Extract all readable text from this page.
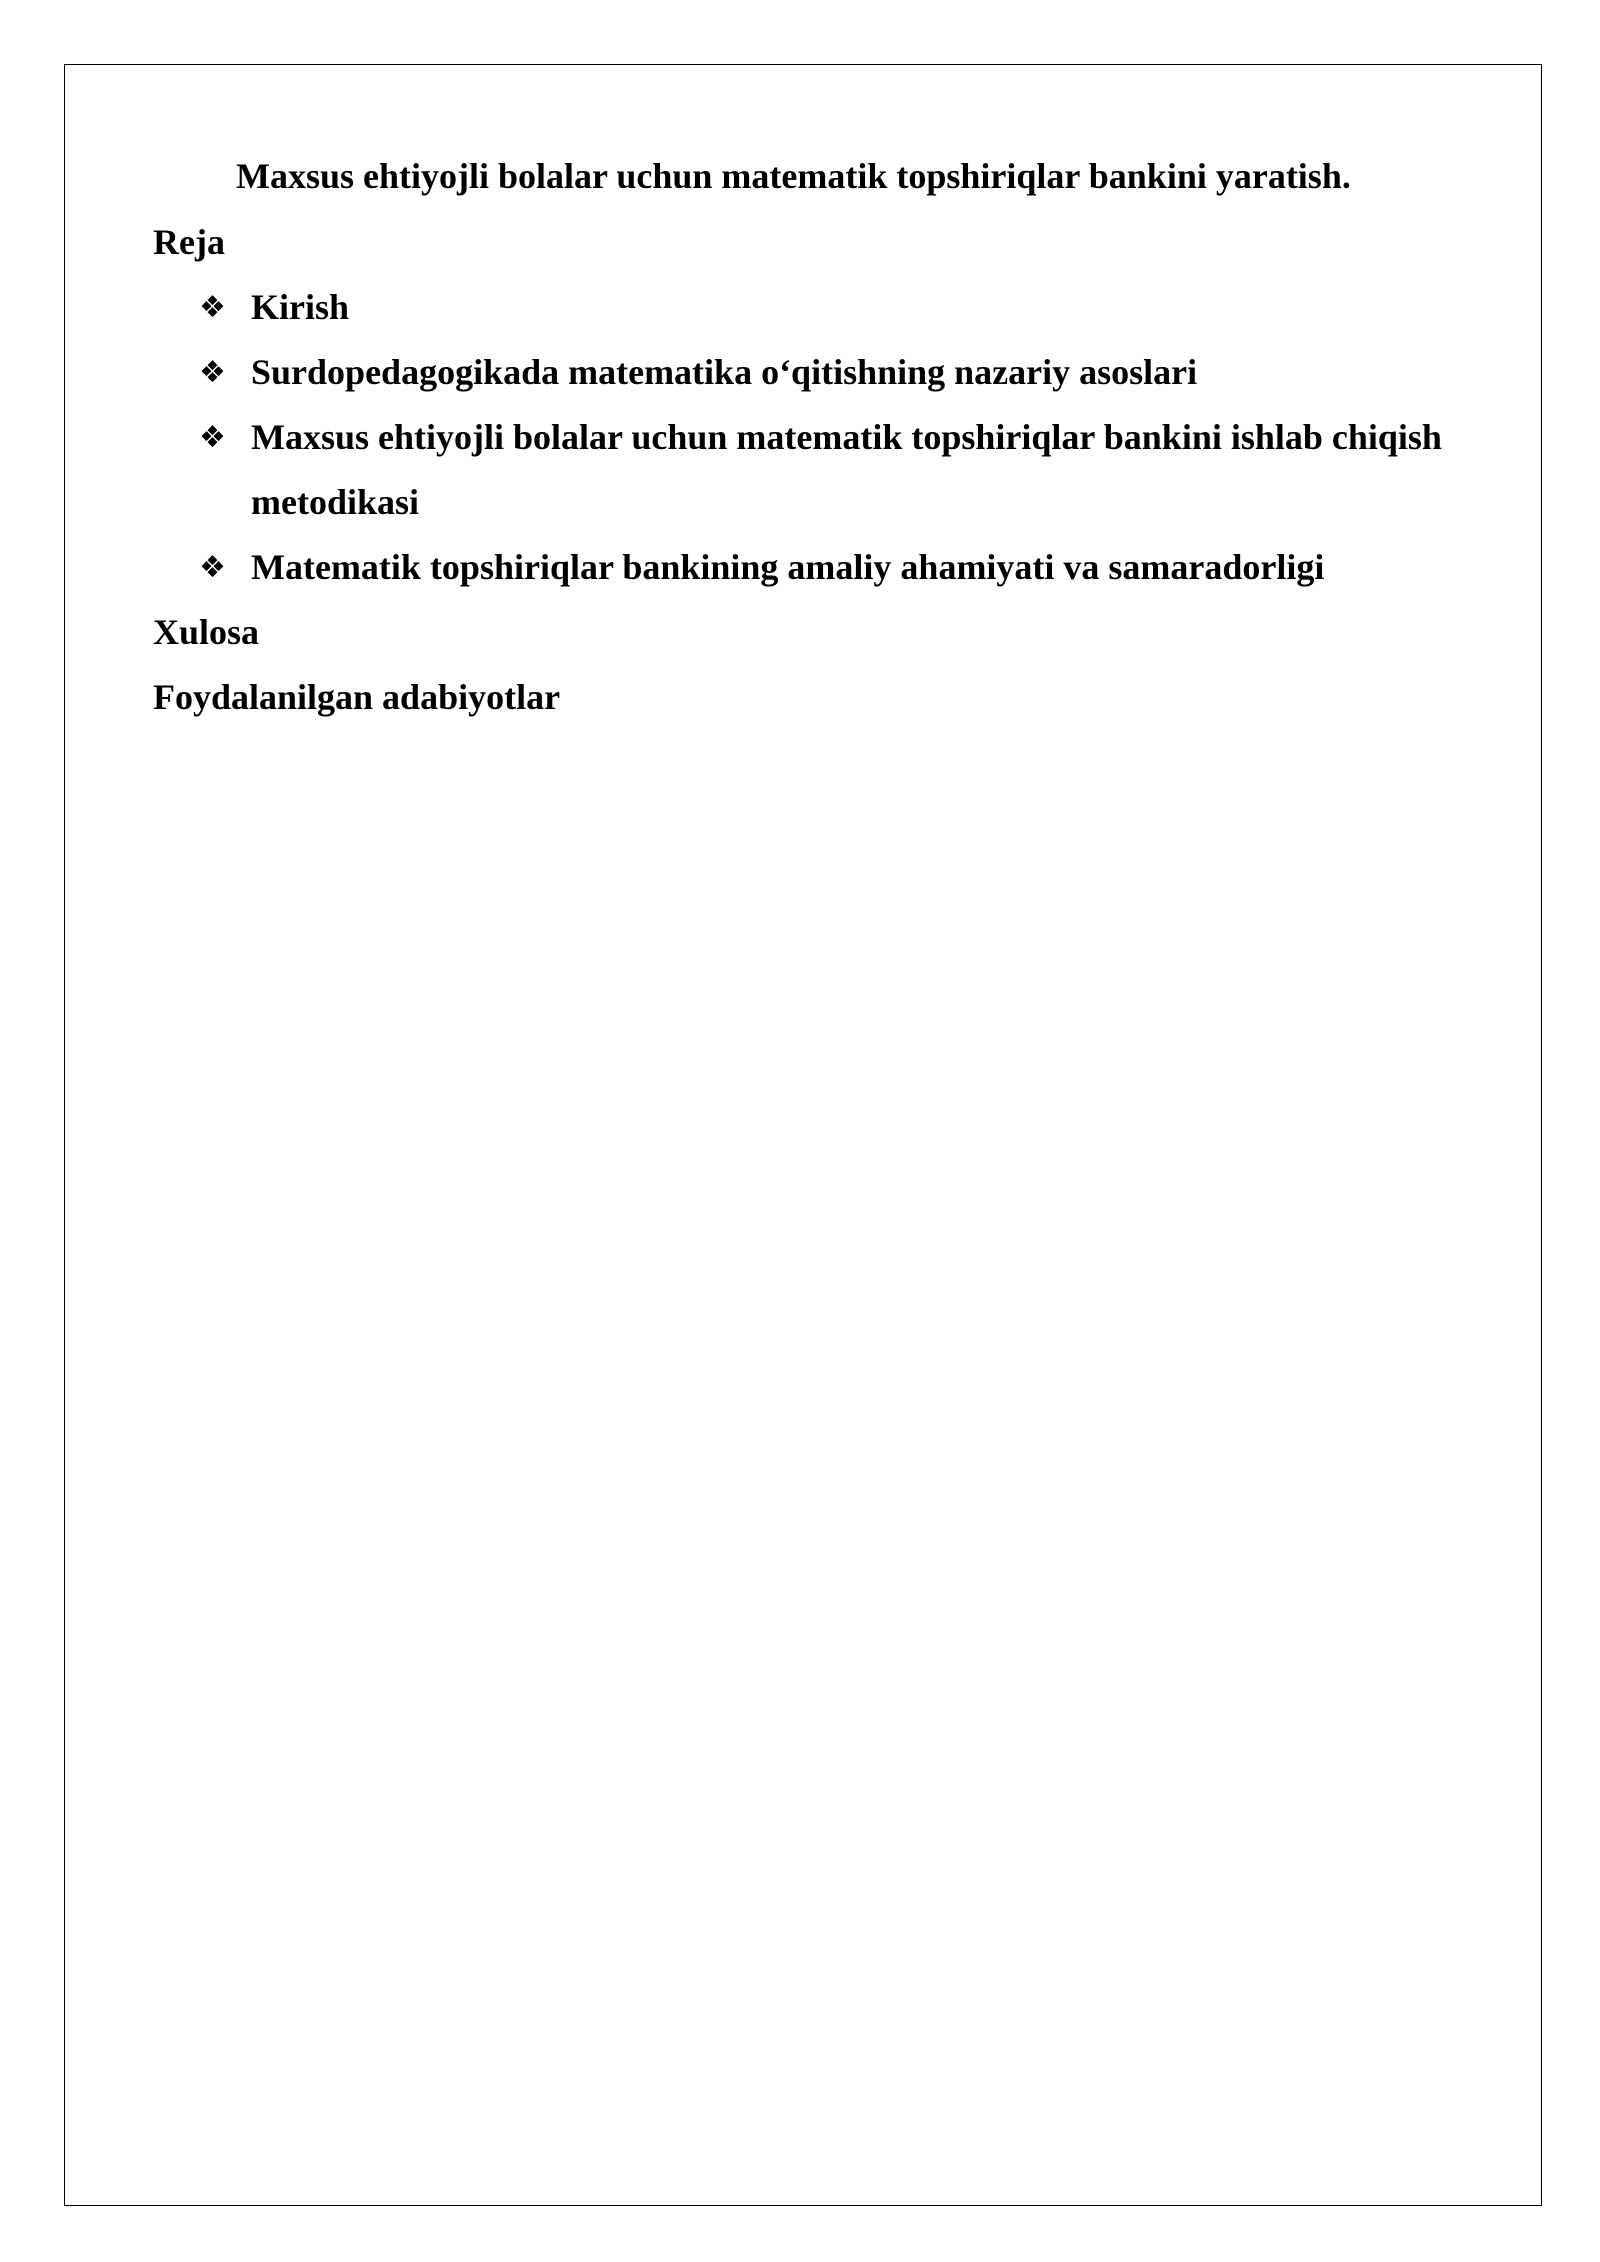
Maxsus ehtiyojli bolalar uchun matematik topshiriqlar bankini yaratish.
Reja
❖ Kirish
❖ Surdopedagogikada matematika o‘qitishning nazariy asoslari
❖ Maxsus ehtiyojli bolalar uchun matematik topshiriqlar bankini ishlab chiqish metodikasi
❖ Matematik topshiriqlar bankining amaliy ahamiyati va samaradorligi
Xulosa
Foydalanilgan adabiyotlar
